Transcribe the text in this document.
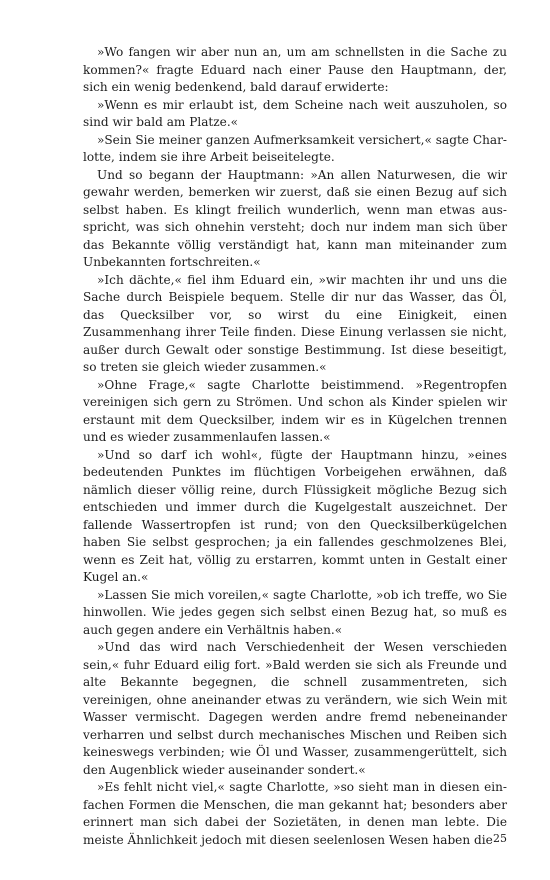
»Wo fangen wir aber nun an, um am schnellsten in die Sache zu kommen?« fragte Eduard nach einer Pause den Hauptmann, der, sich ein wenig bedenkend, bald darauf erwiderte:

»Wenn es mir erlaubt ist, dem Scheine nach weit auszuholen, so sind wir bald am Platze.«

»Sein Sie meiner ganzen Aufmerksamkeit versichert,« sagte Charlotte, indem sie ihre Arbeit beiseitelegte.

Und so begann der Hauptmann: »An allen Naturwesen, die wir gewahr werden, bemerken wir zuerst, daß sie einen Bezug auf sich selbst haben. Es klingt freilich wunderlich, wenn man etwas ausspricht, was sich ohnehin versteht; doch nur indem man sich über das Bekannte völlig verständigt hat, kann man miteinander zum Unbekannten fortschreiten.«

»Ich dächte,« fiel ihm Eduard ein, »wir machten ihr und uns die Sache durch Beispiele bequem. Stelle dir nur das Wasser, das Öl, das Quecksilber vor, so wirst du eine Einigkeit, einen Zusammenhang ihrer Teile finden. Diese Einung verlassen sie nicht, außer durch Gewalt oder sonstige Bestimmung. Ist diese beseitigt, so treten sie gleich wieder zusammen.«

»Ohne Frage,« sagte Charlotte beistimmend. »Regentropfen vereinigen sich gern zu Strömen. Und schon als Kinder spielen wir erstaunt mit dem Quecksilber, indem wir es in Kügelchen trennen und es wieder zusammenlaufen lassen.«

»Und so darf ich wohl«, fügte der Hauptmann hinzu, »eines bedeutenden Punktes im flüchtigen Vorbeigehen erwähnen, daß nämlich dieser völlig reine, durch Flüssigkeit mögliche Bezug sich entschieden und immer durch die Kugelgestalt auszeichnet. Der fallende Wassertropfen ist rund; von den Quecksilberkügelchen haben Sie selbst gesprochen; ja ein fallendes geschmolzenes Blei, wenn es Zeit hat, völlig zu erstarren, kommt unten in Gestalt einer Kugel an.«

»Lassen Sie mich voreilen,« sagte Charlotte, »ob ich treffe, wo Sie hinwollen. Wie jedes gegen sich selbst einen Bezug hat, so muß es auch gegen andere ein Verhältnis haben.«

»Und das wird nach Verschiedenheit der Wesen verschieden sein,« fuhr Eduard eilig fort. »Bald werden sie sich als Freunde und alte Bekannte begegnen, die schnell zusammentreten, sich vereinigen, ohne aneinander etwas zu verändern, wie sich Wein mit Wasser vermischt. Dagegen werden andre fremd nebeneinander verharren und selbst durch mechanisches Mischen und Reiben sich keineswegs verbinden; wie Öl und Wasser, zusammengerüttelt, sich den Augenblick wieder auseinander sondert.«

»Es fehlt nicht viel,« sagte Charlotte, »so sieht man in diesen einfachen Formen die Menschen, die man gekannt hat; besonders aber erinnert man sich dabei der Sozietäten, in denen man lebte. Die meiste Ähnlichkeit jedoch mit diesen seelenlosen Wesen haben die 25
